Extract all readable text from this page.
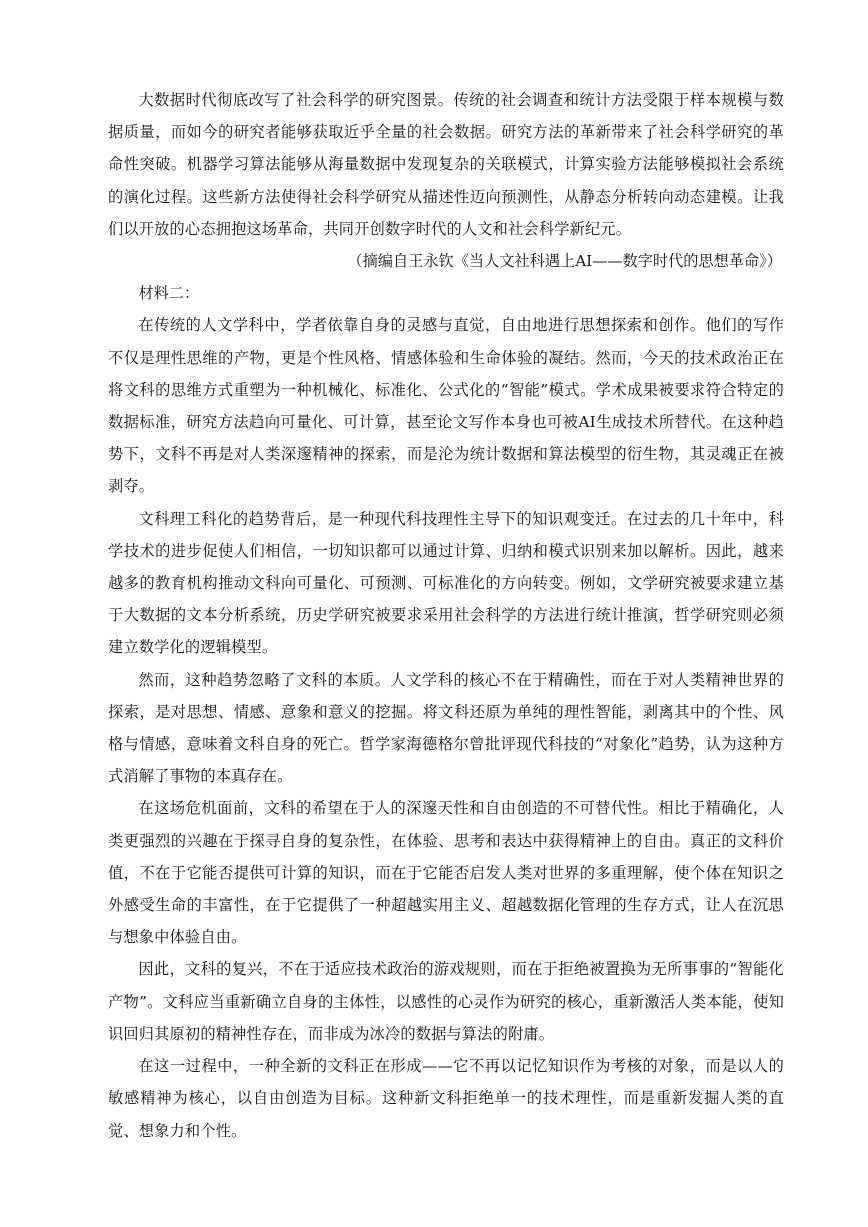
大数据时代彻底改写了社会科学的研究图景。传统的社会调查和统计方法受限于样本规模与数据质量，而如今的研究者能够获取近乎全量的社会数据。研究方法的革新带来了社会科学研究的革命性突破。机器学习算法能够从海量数据中发现复杂的关联模式，计算实验方法能够模拟社会系统的演化过程。这些新方法使得社会科学研究从描述性迈向预测性，从静态分析转向动态建模。让我们以开放的心态拥抱这场革命，共同开创数字时代的人文和社会科学新纪元。

（摘编自王永钦《当人文社科遇上AI——数字时代的思想革命》）

材料二：

在传统的人文学科中，学者依靠自身的灵感与直觉，自由地进行思想探索和创作。他们的写作不仅是理性思维的产物，更是个性风格、情感体验和生命体验的凝结。然而，今天的技术政治正在将文科的思维方式重塑为一种机械化、标准化、公式化的“智能”模式。学术成果被要求符合特定的数据标准，研究方法趋向可量化、可计算，甚至论文写作本身也可被AI生成技术所替代。在这种趋势下，文科不再是对人类深邃精神的探索，而是沦为统计数据和算法模型的衍生物，其灵魂正在被剥夺。

文科理工科化的趋势背后，是一种现代科技理性主导下的知识观变迁。在过去的几十年中，科学技术的进步促使人们相信，一切知识都可以通过计算、归纳和模式识别来加以解析。因此，越来越多的教育机构推动文科向可量化、可预测、可标准化的方向转变。例如，文学研究被要求建立基于大数据的文本分析系统，历史学研究被要求采用社会科学的方法进行统计推演，哲学研究则必须建立数学化的逻辑模型。

然而，这种趋势忽略了文科的本质。人文学科的核心不在于精确性，而在于对人类精神世界的探索，是对思想、情感、意象和意义的挖掘。将文科还原为单纯的理性智能，剥离其中的个性、风格与情感，意味着文科自身的死亡。哲学家海德格尔曾批评现代科技的“对象化”趋势，认为这种方式消解了事物的本真存在。

在这场危机面前，文科的希望在于人的深邃天性和自由创造的不可替代性。相比于精确化，人类更强烈的兴趣在于探寻自身的复杂性，在体验、思考和表达中获得精神上的自由。真正的文科价值，不在于它能否提供可计算的知识，而在于它能否启发人类对世界的多重理解，使个体在知识之外感受生命的丰富性，在于它提供了一种超越实用主义、超越数据化管理的生存方式，让人在沉思与想象中体验自由。

因此，文科的复兴，不在于适应技术政治的游戏规则，而在于拒绝被置换为无所事事的“智能化产物”。文科应当重新确立自身的主体性，以感性的心灵作为研究的核心，重新激活人类本能，使知识回归其原初的精神性存在，而非成为冰冷的数据与算法的附庸。

在这一过程中，一种全新的文科正在形成——它不再以记忆知识作为考核的对象，而是以人的敏感精神为核心，以自由创造为目标。这种新文科拒绝单一的技术理性，而是重新发掘人类的直觉、想象力和个性。
